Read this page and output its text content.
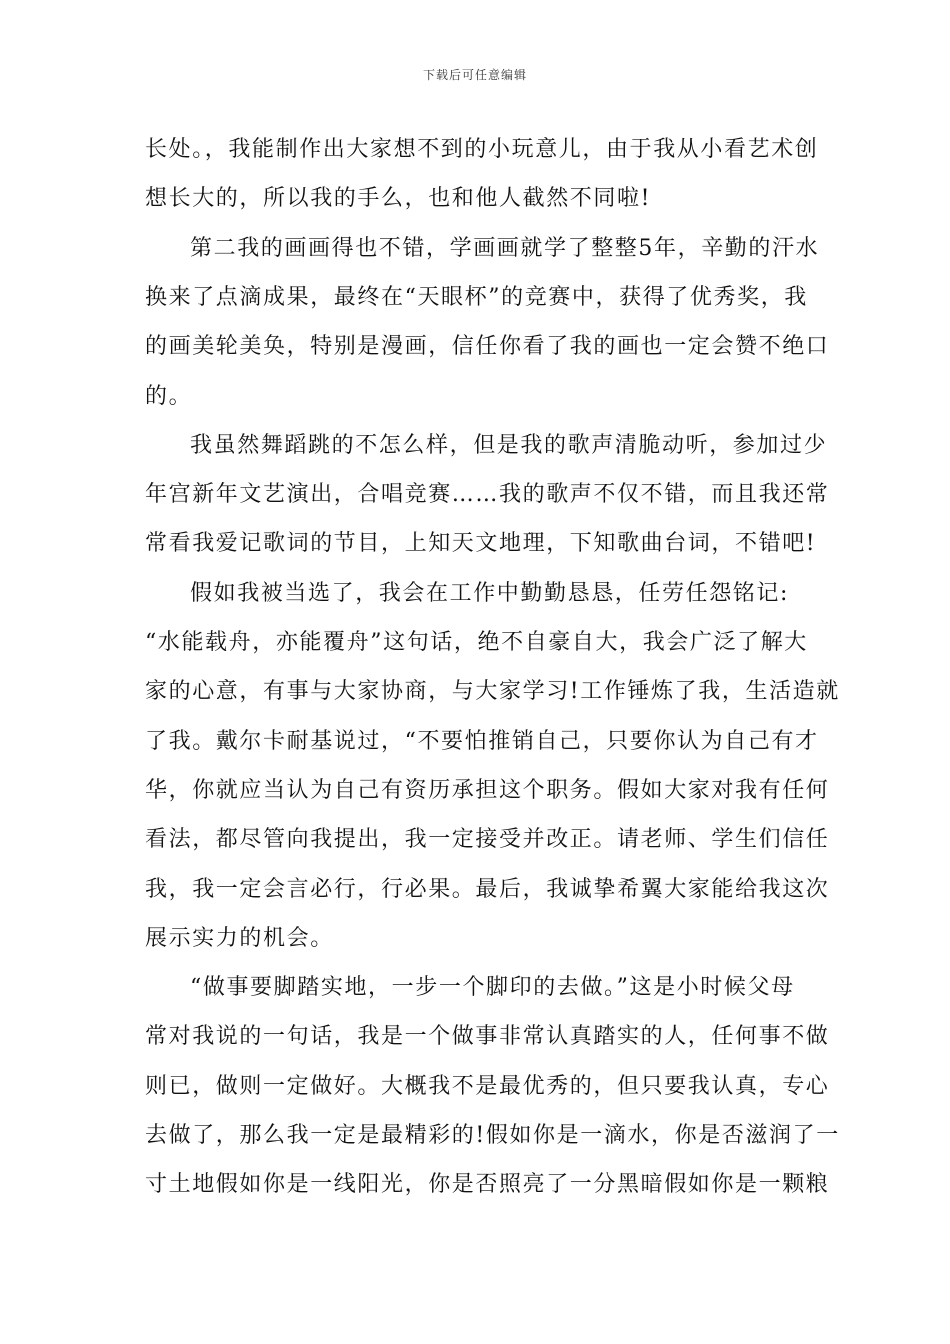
下载后可任意编辑
长处。，我能制作出大家想不到的小玩意儿，由于我从小看艺术创
想长大的，所以我的手么，也和他人截然不同啦!
第二我的画画得也不错，学画画就学了整整5年，辛勤的汗水
换来了点滴成果，最终在“天眼杯”的竞赛中，获得了优秀奖，我
的画美轮美奂，特别是漫画，信任你看了我的画也一定会赞不绝口
的。
我虽然舞蹈跳的不怎么样，但是我的歌声清脆动听，参加过少
年宫新年文艺演出，合唱竞赛……我的歌声不仅不错，而且我还常
常看我爱记歌词的节目，上知天文地理，下知歌曲台词，不错吧!
假如我被当选了，我会在工作中勤勤恳恳，任劳任怨铭记:
“水能载舟，亦能覆舟”这句话，绝不自豪自大，我会广泛了解大
家的心意，有事与大家协商，与大家学习!工作锤炼了我，生活造就
了我。戴尔卡耐基说过，“不要怕推销自己，只要你认为自己有才
华，你就应当认为自己有资历承担这个职务。假如大家对我有任何
看法，都尽管向我提出，我一定接受并改正。请老师、学生们信任
我，我一定会言必行，行必果。最后，我诚挚希翼大家能给我这次
展示实力的机会。
“做事要脚踏实地，一步一个脚印的去做。”这是小时候父母
常对我说的一句话，我是一个做事非常认真踏实的人，任何事不做
则已，做则一定做好。大概我不是最优秀的，但只要我认真，专心
去做了，那么我一定是最精彩的!假如你是一滴水，你是否滋润了一
寸土地假如你是一线阳光，你是否照亮了一分黑暗假如你是一颗粮
